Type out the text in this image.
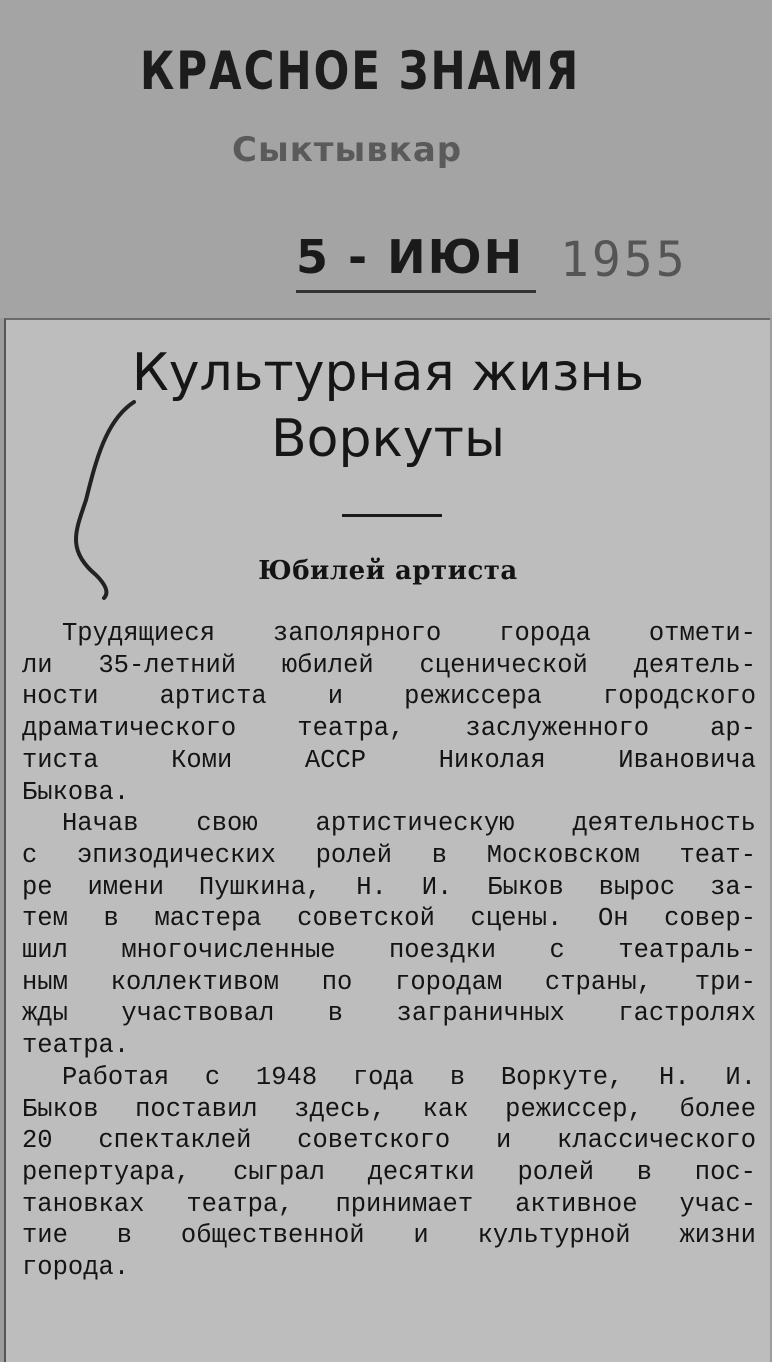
КРАСНОЕ ЗНАМЯ
Сыктывкар
5 - ИЮН 1955
Культурная жизнь
Воркуты
Юбилей артиста
Трудящиеся заполярного города отмети-
ли 35-летний юбилей сценической деятель-
ности артиста и режиссера городского
драматического театра, заслуженного ар-
тиста Коми АССР Николая Ивановича
Быкова.
Начав свою артистическую деятельность
с эпизодических ролей в Московском теат-
ре имени Пушкина, Н. И. Быков вырос за-
тем в мастера советской сцены. Он совер-
шил многочисленные поездки с театраль-
ным коллективом по городам страны, три-
жды участвовал в заграничных гастролях
театра.
Работая с 1948 года в Воркуте, Н. И.
Быков поставил здесь, как режиссер, более
20 спектаклей советского и классического
репертуара, сыграл десятки ролей в пос-
тановках театра, принимает активное учас-
тие в общественной и культурной жизни
города.
